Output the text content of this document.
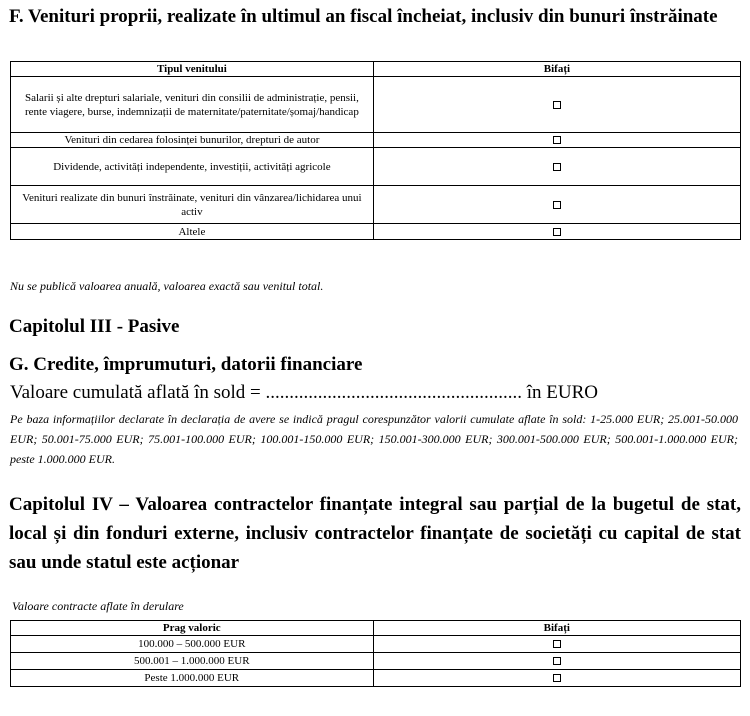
F. Venituri proprii, realizate în ultimul an fiscal încheiat, inclusiv din bunuri înstrăinate
Tipul venitului	Bifați
Salarii și alte drepturi salariale, venituri din consilii de administrație, pensii, rente viagere, burse, indemnizații de maternitate/paternitate/șomaj/handicap	
Venituri din cedarea folosinței bunurilor, drepturi de autor	
Dividende, activități independente, investiții, activități agricole	
Venituri realizate din bunuri înstrăinate, venituri din vânzarea/lichidarea unui activ	
Altele	
Nu se publică valoarea anuală, valoarea exactă sau venitul total.
Capitolul III - Pasive
G. Credite, împrumuturi, datorii financiare
Valoare cumulată aflată în sold = ...................................................... în EURO
Pe baza informațiilor declarate în declarația de avere se indică pragul corespunzător valorii cumulate aflate în sold: 1-25.000 EUR; 25.001-50.000 EUR; 50.001-75.000 EUR; 75.001-100.000 EUR; 100.001-150.000 EUR; 150.001-300.000 EUR; 300.001-500.000 EUR; 500.001-1.000.000 EUR; peste 1.000.000 EUR.
Capitolul IV – Valoarea contractelor finanțate integral sau parțial de la bugetul de stat, local și din fonduri externe, inclusiv contractelor finanțate de societăți cu capital de stat sau unde statul este acționar
Valoare contracte aflate în derulare
Prag valoric	Bifați
100.000 – 500.000 EUR	
500.001 – 1.000.000 EUR	
Peste 1.000.000 EUR	
